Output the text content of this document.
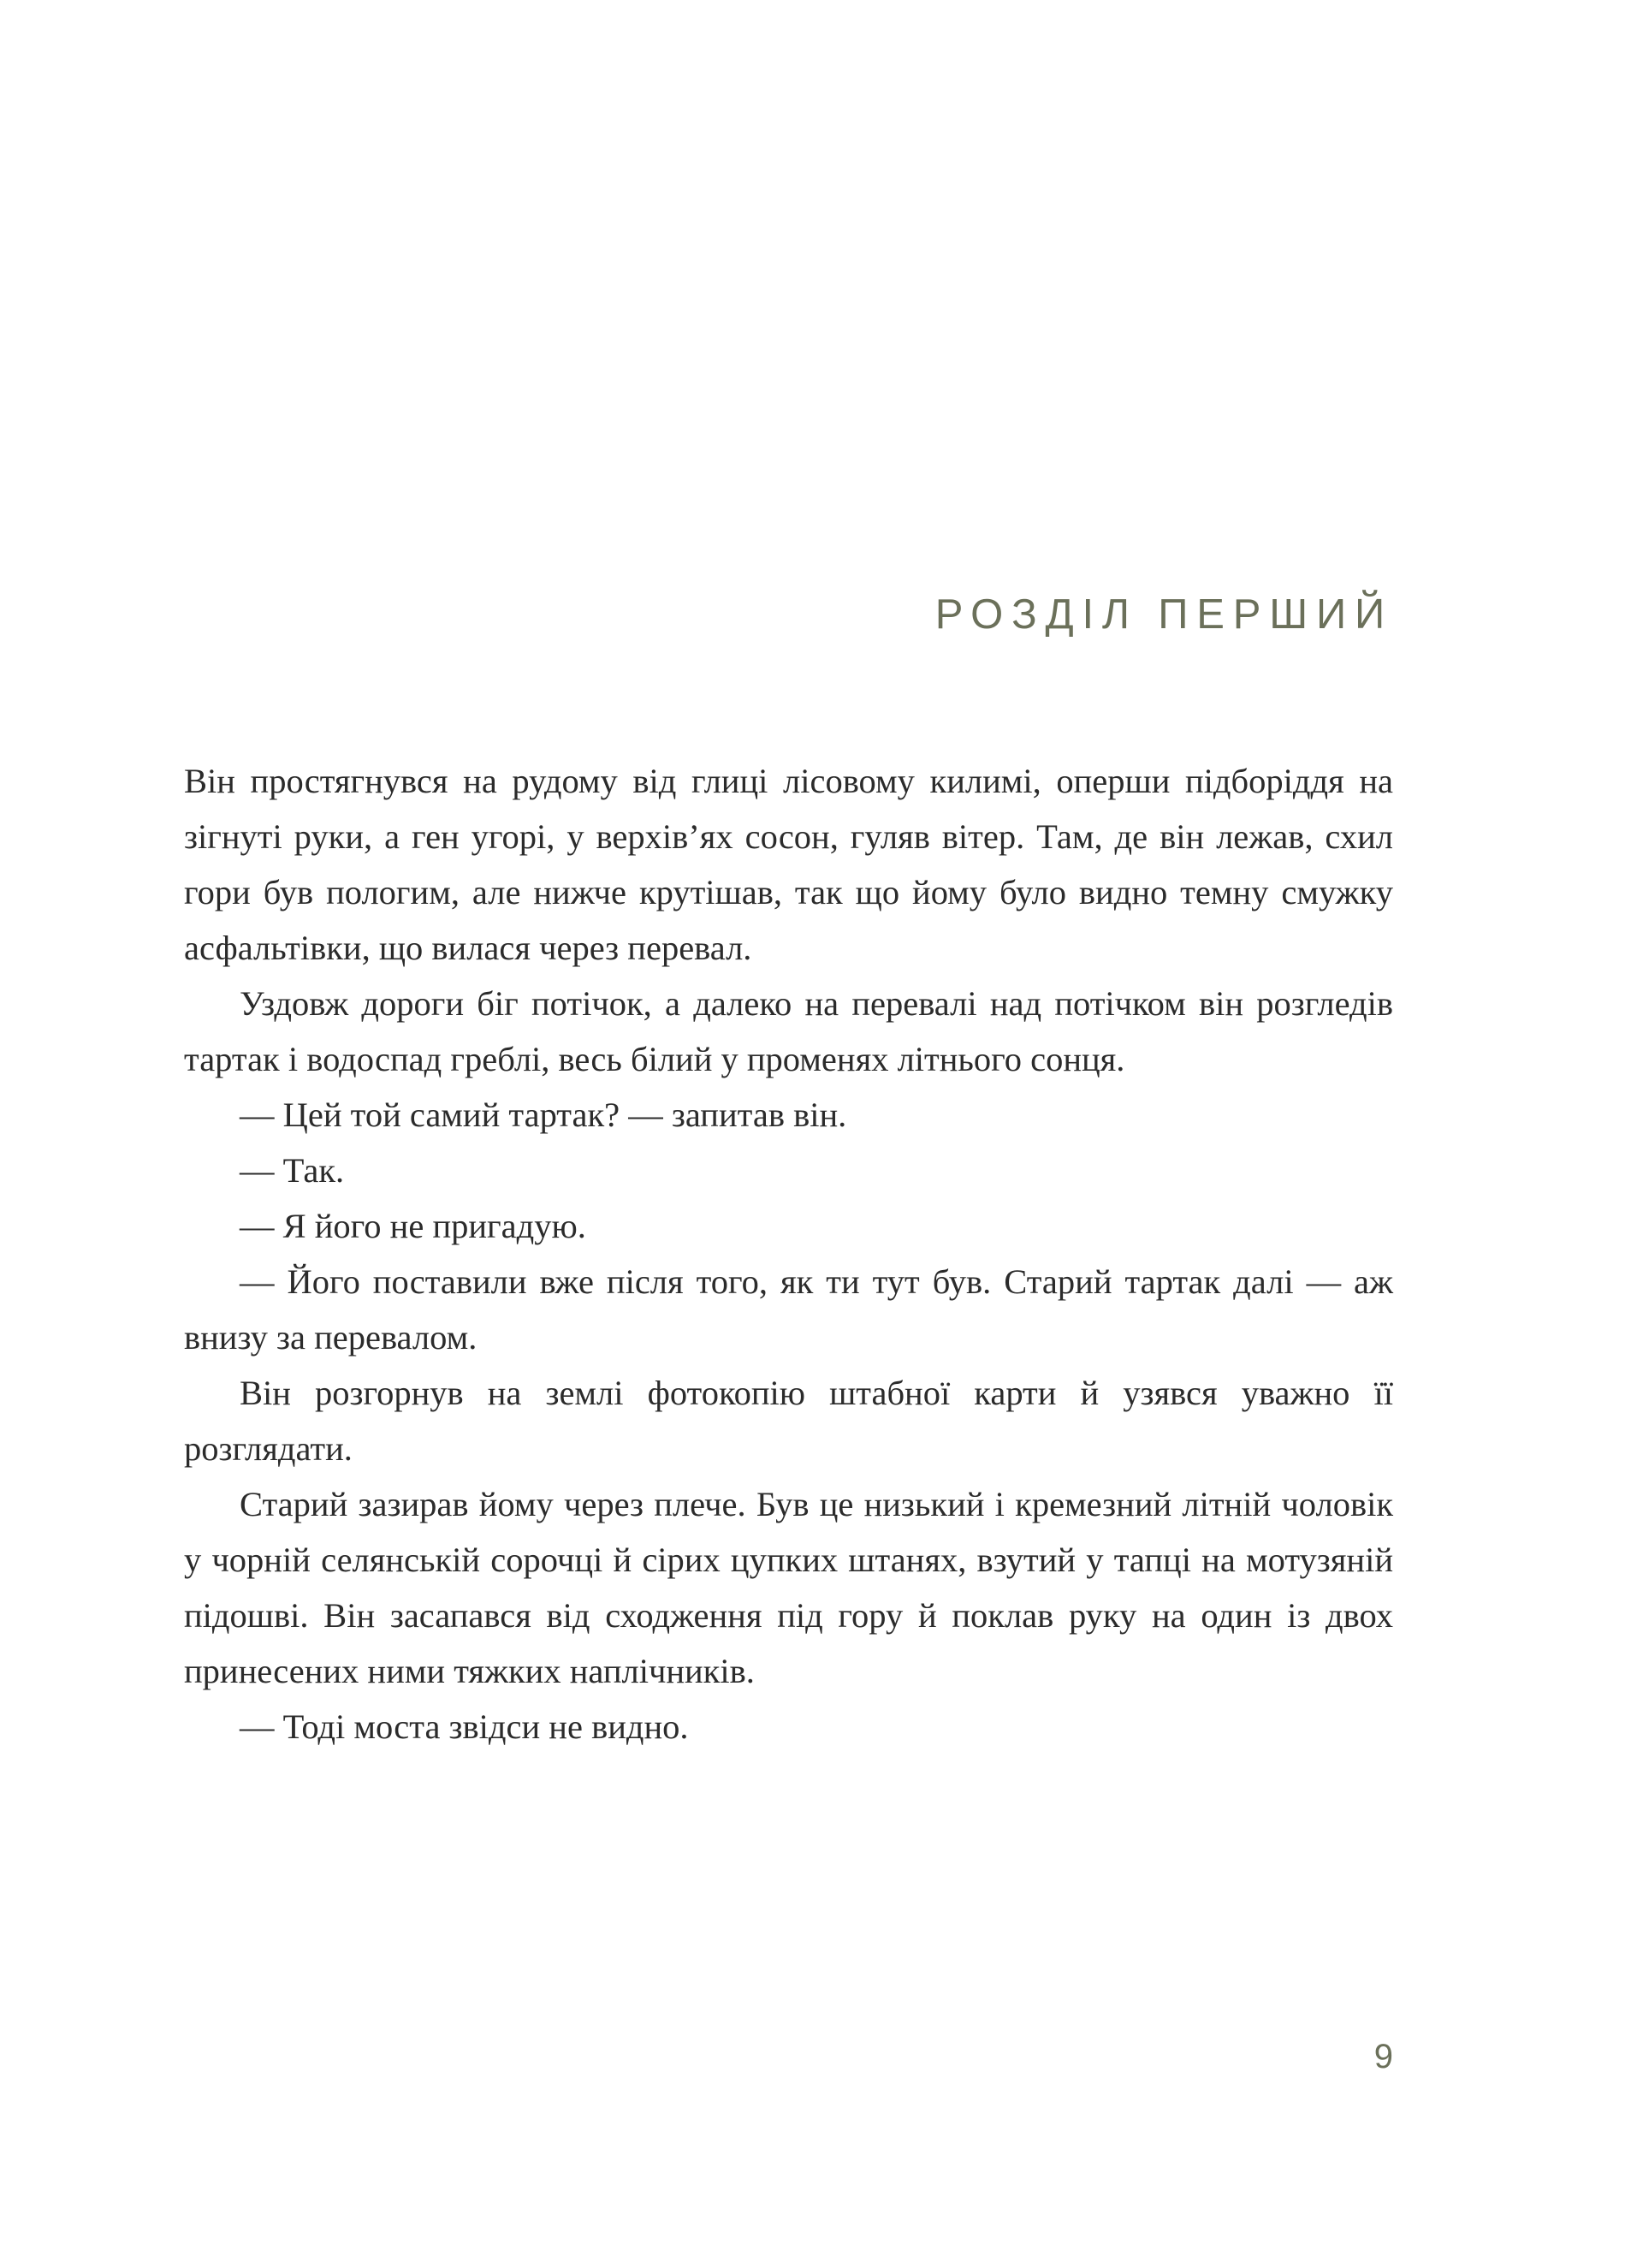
РОЗДІЛ ПЕРШИЙ

Він простягнувся на рудому від глиці лісовому килимі, оперши підборіддя на зігнуті руки, а ген угорі, у верхів’ях сосон, гуляв вітер. Там, де він лежав, схил гори був пологим, але нижче крутішав, так що йому було видно темну смужку асфальтівки, що вилася через перевал.

Уздовж дороги біг потічок, а далеко на перевалі над потічком він розгледів тартак і водоспад греблі, весь білий у променях літнього сонця.

— Цей той самий тартак? — запитав він.

— Так.

— Я його не пригадую.

— Його поставили вже після того, як ти тут був. Старий тартак далі — аж внизу за перевалом.

Він розгорнув на землі фотокопію штабної карти й узявся уважно її розглядати.

Старий зазирав йому через плече. Був це низький і кремезний літній чоловік у чорній селянській сорочці й сірих цупких штанях, взутий у тапці на мотузяній підошві. Він засапався від сходження під гору й поклав руку на один із двох принесених ними тяжких наплічників.

— Тоді моста звідси не видно.

9
